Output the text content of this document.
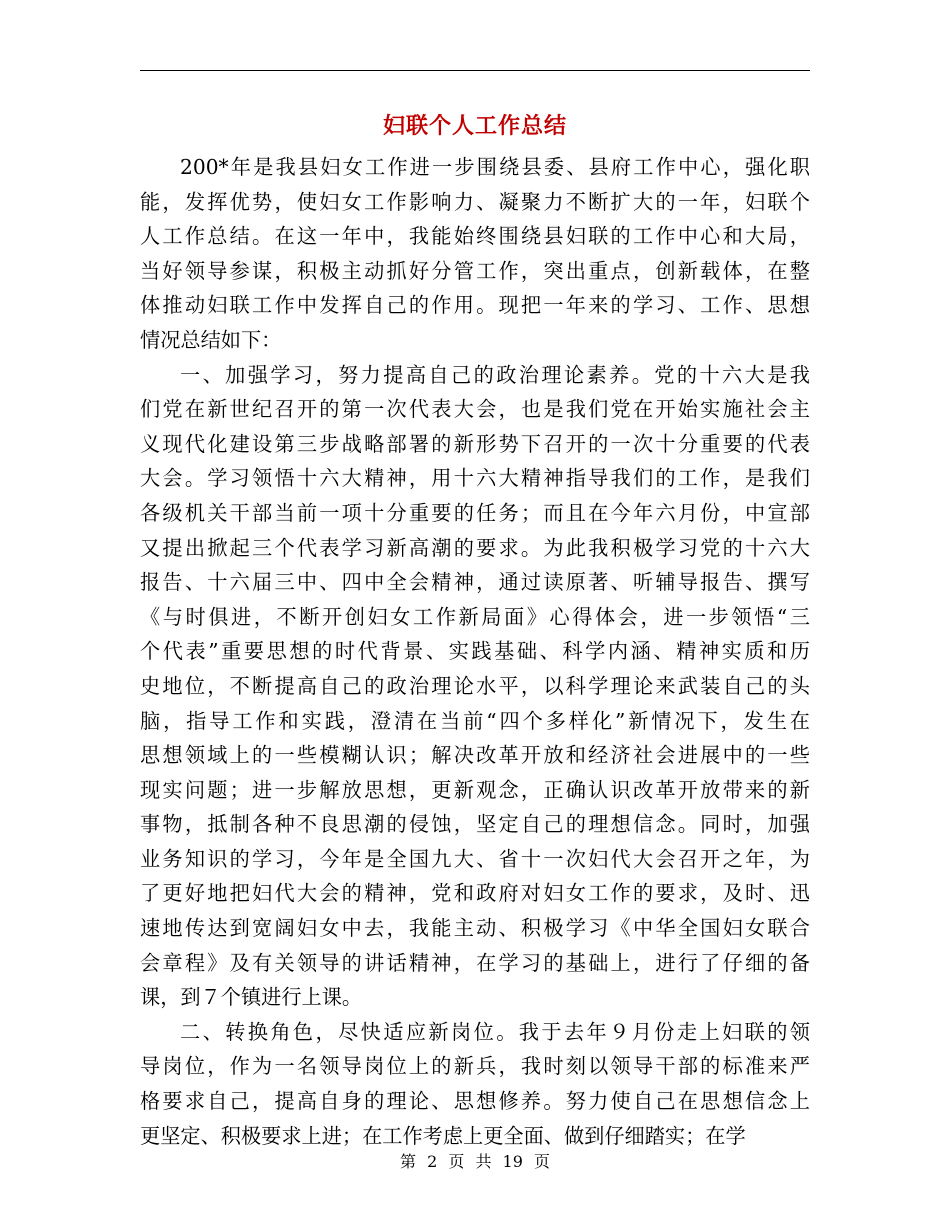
妇联个人工作总结
200*年是我县妇女工作进一步围绕县委、县府工作中心，强化职
能，发挥优势，使妇女工作影响力、凝聚力不断扩大的一年，妇联个
人工作总结。在这一年中，我能始终围绕县妇联的工作中心和大局，
当好领导参谋，积极主动抓好分管工作，突出重点，创新载体，在整
体推动妇联工作中发挥自己的作用。现把一年来的学习、工作、思想
情况总结如下：
一、加强学习，努力提高自己的政治理论素养。党的十六大是我
们党在新世纪召开的第一次代表大会，也是我们党在开始实施社会主
义现代化建设第三步战略部署的新形势下召开的一次十分重要的代表
大会。学习领悟十六大精神，用十六大精神指导我们的工作，是我们
各级机关干部当前一项十分重要的任务；而且在今年六月份，中宣部
又提出掀起三个代表学习新高潮的要求。为此我积极学习党的十六大
报告、十六届三中、四中全会精神，通过读原著、听辅导报告、撰写
《与时俱进，不断开创妇女工作新局面》心得体会，进一步领悟“三
个代表”重要思想的时代背景、实践基础、科学内涵、精神实质和历
史地位，不断提高自己的政治理论水平，以科学理论来武装自己的头
脑，指导工作和实践，澄清在当前“四个多样化”新情况下，发生在
思想领域上的一些模糊认识；解决改革开放和经济社会进展中的一些
现实问题；进一步解放思想，更新观念，正确认识改革开放带来的新
事物，抵制各种不良思潮的侵蚀，坚定自己的理想信念。同时，加强
业务知识的学习，今年是全国九大、省十一次妇代大会召开之年，为
了更好地把妇代大会的精神，党和政府对妇女工作的要求，及时、迅
速地传达到宽阔妇女中去，我能主动、积极学习《中华全国妇女联合
会章程》及有关领导的讲话精神，在学习的基础上，进行了仔细的备
课，到７个镇进行上课。
二、转换角色，尽快适应新岗位。我于去年９月份走上妇联的领
导岗位，作为一名领导岗位上的新兵，我时刻以领导干部的标准来严
格要求自己，提高自身的理论、思想修养。努力使自己在思想信念上
更坚定、积极要求上进；在工作考虑上更全面、做到仔细踏实；在学
第 2 页 共 19 页
